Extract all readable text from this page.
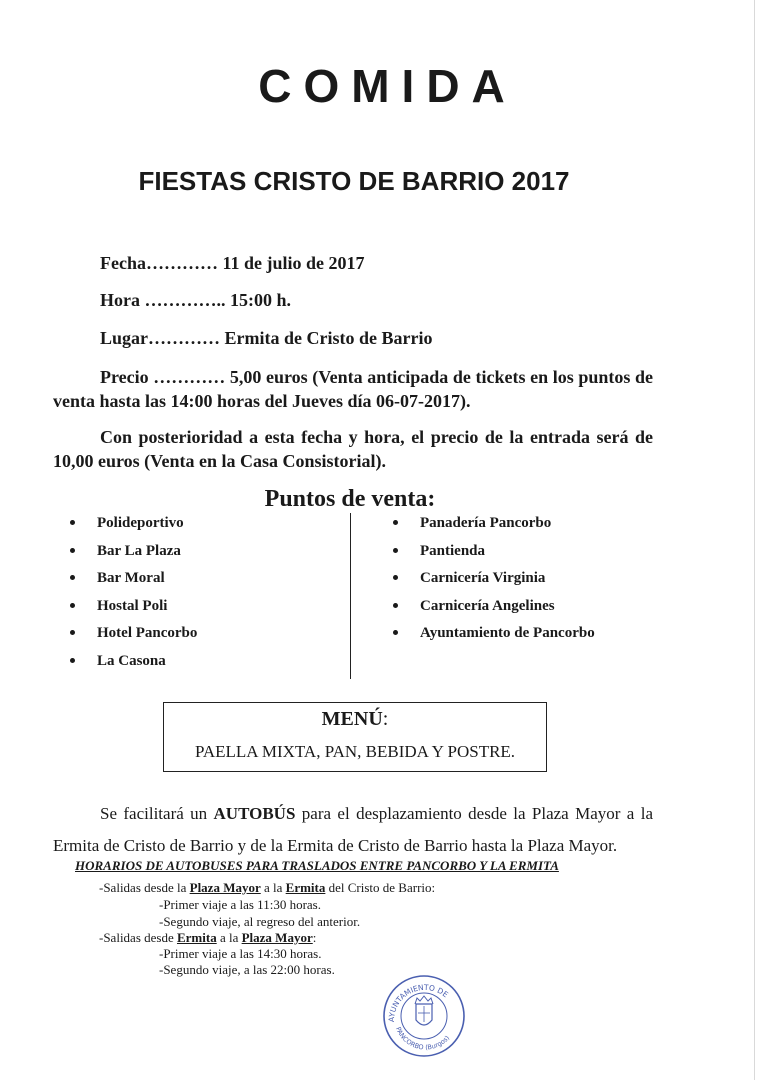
COMIDA
FIESTAS CRISTO DE BARRIO 2017
Fecha………… 11 de julio de 2017
Hora ………….. 15:00 h.
Lugar………… Ermita de Cristo de Barrio
Precio ………… 5,00 euros (Venta anticipada de tickets en los puntos de venta hasta las 14:00 horas del Jueves día 06-07-2017).
Con posterioridad a esta fecha y hora, el precio de la entrada será de 10,00 euros (Venta en la Casa Consistorial).
Puntos de venta:
Polideportivo
Bar La Plaza
Bar Moral
Hostal Poli
Hotel Pancorbo
La Casona
Panadería Pancorbo
Pantienda
Carnicería Virginia
Carnicería Angelines
Ayuntamiento de Pancorbo
MENÚ:
PAELLA MIXTA, PAN, BEBIDA Y POSTRE.
Se facilitará un AUTOBÚS para el desplazamiento desde la Plaza Mayor a la Ermita de Cristo de Barrio y de la Ermita de Cristo de Barrio hasta la Plaza Mayor.
HORARIOS DE AUTOBUSES PARA TRASLADOS ENTRE PANCORBO Y LA ERMITA
-Salidas desde la Plaza Mayor a la Ermita del Cristo de Barrio:
-Primer viaje a las 11:30 horas.
-Segundo viaje, al regreso del anterior.
-Salidas desde Ermita a la Plaza Mayor:
-Primer viaje a las 14:30 horas.
-Segundo viaje, a las 22:00 horas.
AYUNTAMIENTO DE
PANCORBO (Burgos)
